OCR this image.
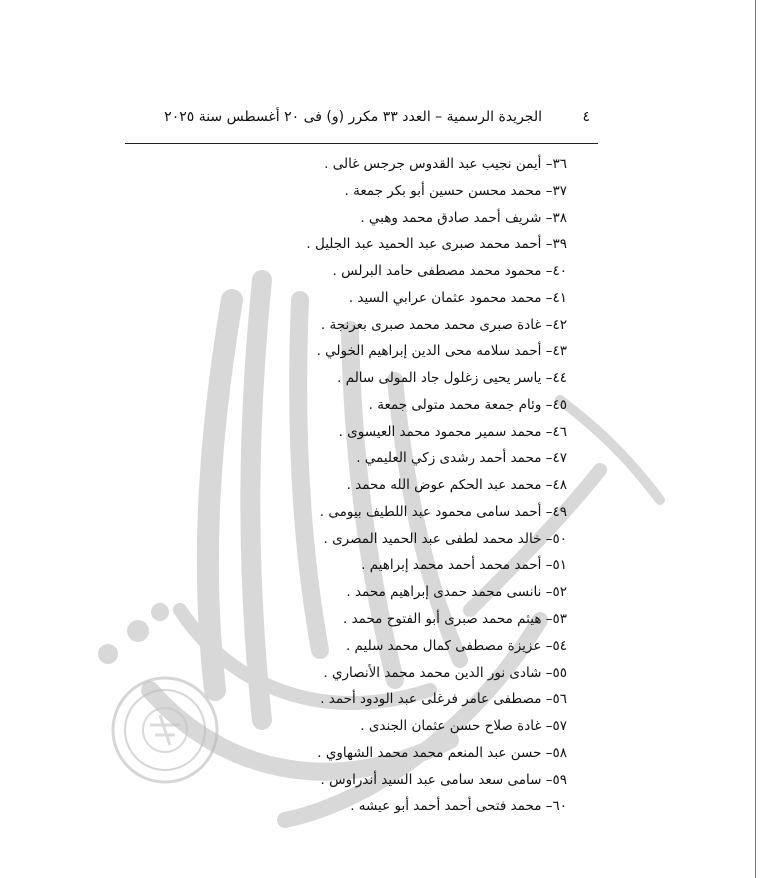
٤
الجريدة الرسمية – العدد ٣٣ مكرر (و) فى ٢٠ أغسطس سنة ٢٠٢٥
٣٦– أيمن نجيب عبد القدوس جرجس غالى .
٣٧– محمد محسن حسين أبو بكر جمعة .
٣٨– شريف أحمد صادق محمد وهبي .
٣٩– أحمد محمد صبرى عبد الحميد عبد الجليل .
٤٠– محمود محمد مصطفى حامد البرلس .
٤١– محمد محمود عثمان عرابي السيد .
٤٢– غادة صبرى محمد محمد صبرى بعرنجة .
٤٣– أحمد سلامه محى الدين إبراهيم الخولي .
٤٤– ياسر يحيى زغلول جاد المولى سالم .
٤٥– وئام جمعة محمد متولى جمعة .
٤٦– محمد سمير محمود محمد العيسوى .
٤٧– محمد أحمد رشدى زكي العليمي .
٤٨– محمد عبد الحكم عوض الله محمد .
٤٩– أحمد سامى محمود عبد اللطيف بيومى .
٥٠– خالد محمد لطفى عبد الحميد المصرى .
٥١– أحمد محمد أحمد محمد إبراهيم .
٥٢– نانسى محمد حمدى إبراهيم محمد .
٥٣– هيثم محمد صبرى أبو الفتوح محمد .
٥٤– عزيزة مصطفى كمال محمد سليم .
٥٥– شادى نور الدين محمد محمد الأنصاري .
٥٦– مصطفى عامر فرغلى عبد الودود أحمد .
٥٧– غادة صلاح حسن عثمان الجندى .
٥٨– حسن عبد المنعم محمد محمد الشهاوي .
٥٩– سامى سعد سامى عبد السيد أندراوس .
٦٠– محمد فتحى أحمد أحمد أبو عيشه .
